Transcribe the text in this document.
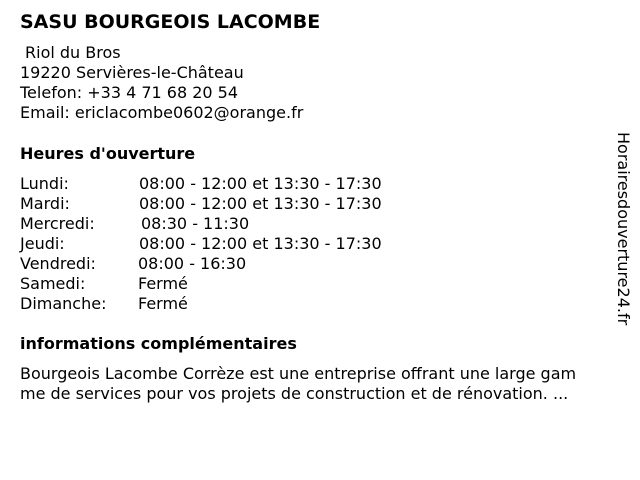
SASU BOURGEOIS LACOMBE
Riol du Bros
19220 Servières-le-Château
Telefon: +33 4 71 68 20 54
Email: ericlacombe0602@orange.fr
Heures d'ouverture
Lundi:	08:00 - 12:00 et 13:30 - 17:30
Mardi:	08:00 - 12:00 et 13:30 - 17:30
Mercredi:	08:30 - 11:30
Jeudi:	08:00 - 12:00 et 13:30 - 17:30
Vendredi:	08:00 - 16:30
Samedi:	Fermé
Dimanche: Fermé
informations complémentaires
Bourgeois Lacombe Corrèze est une entreprise offrant une large gam
me de services pour vos projets de construction et de rénovation. ...
Horairesdouverture24.fr
